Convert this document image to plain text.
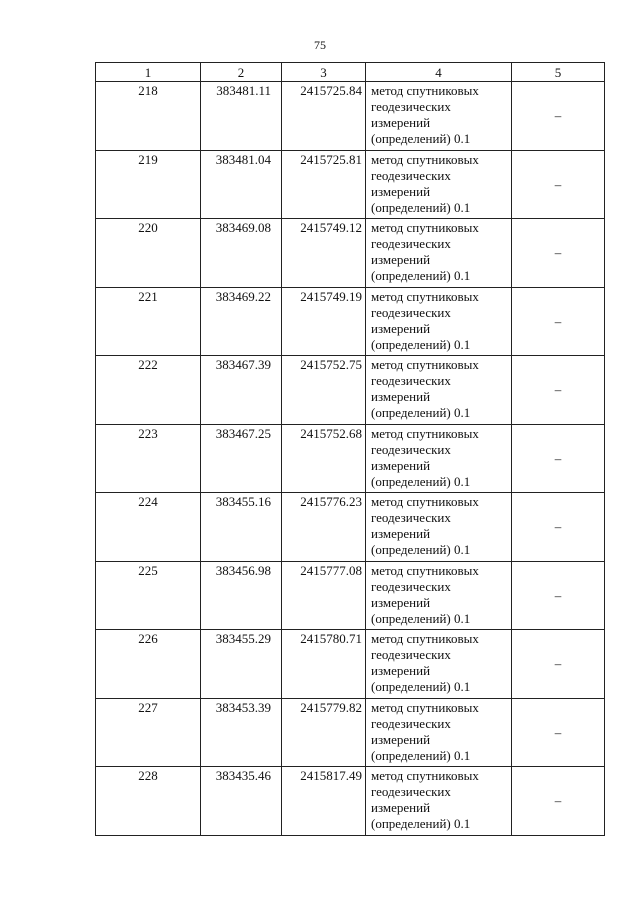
75
1	2	3	4	5
218	383481.11	2415725.84	метод спутниковых
геодезических
измерений
(определений) 0.1	–
219	383481.04	2415725.81	метод спутниковых
геодезических
измерений
(определений) 0.1	–
220	383469.08	2415749.12	метод спутниковых
геодезических
измерений
(определений) 0.1	–
221	383469.22	2415749.19	метод спутниковых
геодезических
измерений
(определений) 0.1	–
222	383467.39	2415752.75	метод спутниковых
геодезических
измерений
(определений) 0.1	–
223	383467.25	2415752.68	метод спутниковых
геодезических
измерений
(определений) 0.1	–
224	383455.16	2415776.23	метод спутниковых
геодезических
измерений
(определений) 0.1	–
225	383456.98	2415777.08	метод спутниковых
геодезических
измерений
(определений) 0.1	–
226	383455.29	2415780.71	метод спутниковых
геодезических
измерений
(определений) 0.1	–
227	383453.39	2415779.82	метод спутниковых
геодезических
измерений
(определений) 0.1	–
228	383435.46	2415817.49	метод спутниковых
геодезических
измерений
(определений) 0.1	–
